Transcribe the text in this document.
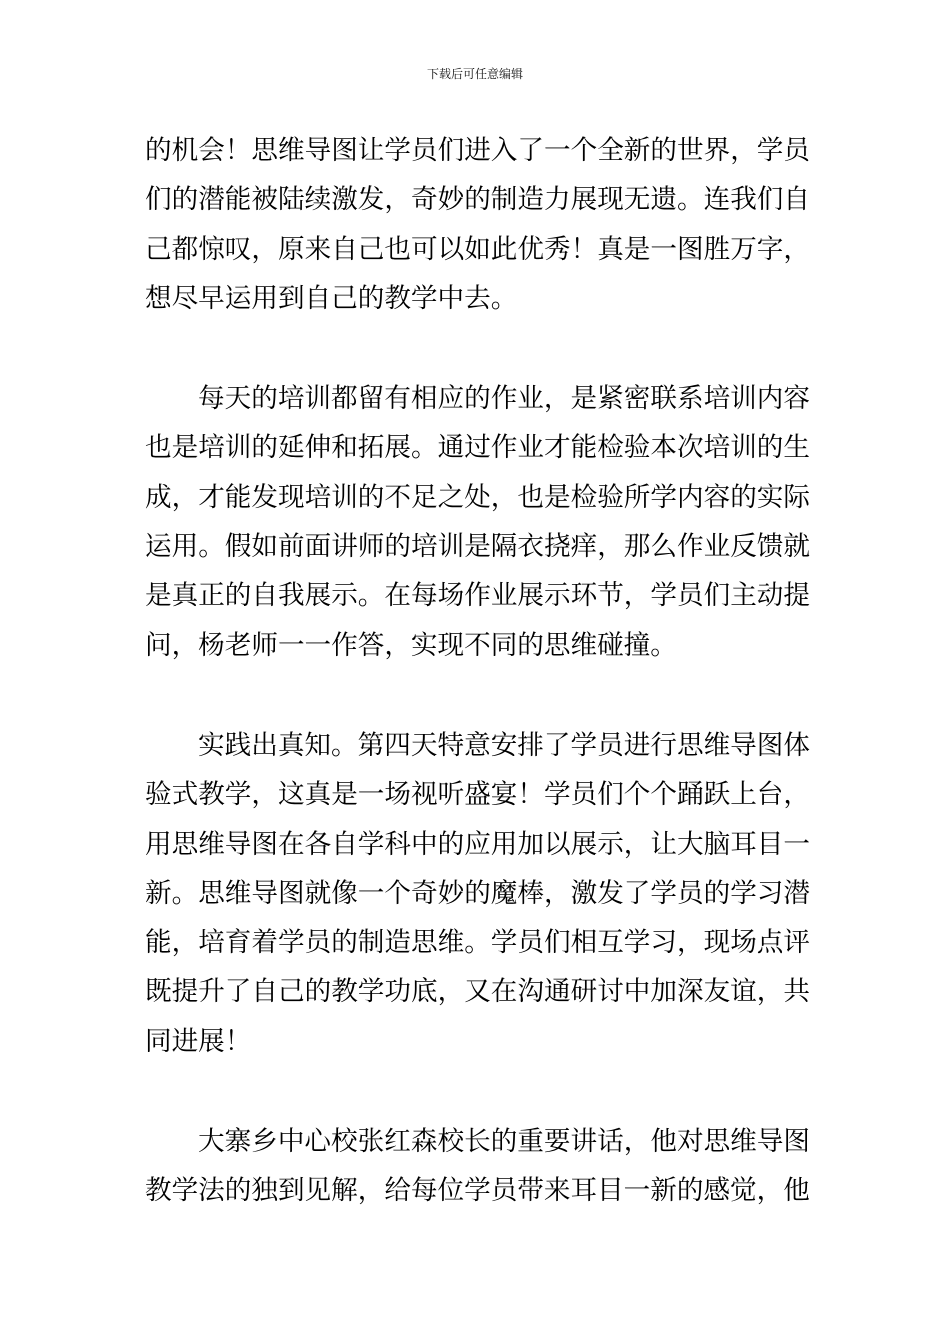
下载后可任意编辑

的机会！思维导图让学员们进入了一个全新的世界，学员们的潜能被陆续激发，奇妙的制造力展现无遗。连我们自己都惊叹，原来自己也可以如此优秀！真是一图胜万字，想尽早运用到自己的教学中去。

每天的培训都留有相应的作业，是紧密联系培训内容也是培训的延伸和拓展。通过作业才能检验本次培训的生成，才能发现培训的不足之处，也是检验所学内容的实际运用。假如前面讲师的培训是隔衣挠痒，那么作业反馈就是真正的自我展示。在每场作业展示环节，学员们主动提问，杨老师一一作答，实现不同的思维碰撞。

实践出真知。第四天特意安排了学员进行思维导图体验式教学，这真是一场视听盛宴！学员们个个踊跃上台，用思维导图在各自学科中的应用加以展示，让大脑耳目一新。思维导图就像一个奇妙的魔棒，激发了学员的学习潜能，培育着学员的制造思维。学员们相互学习，现场点评既提升了自己的教学功底，又在沟通研讨中加深友谊，共同进展！

大寨乡中心校张红森校长的重要讲话，他对思维导图教学法的独到见解，给每位学员带来耳目一新的感觉，他
